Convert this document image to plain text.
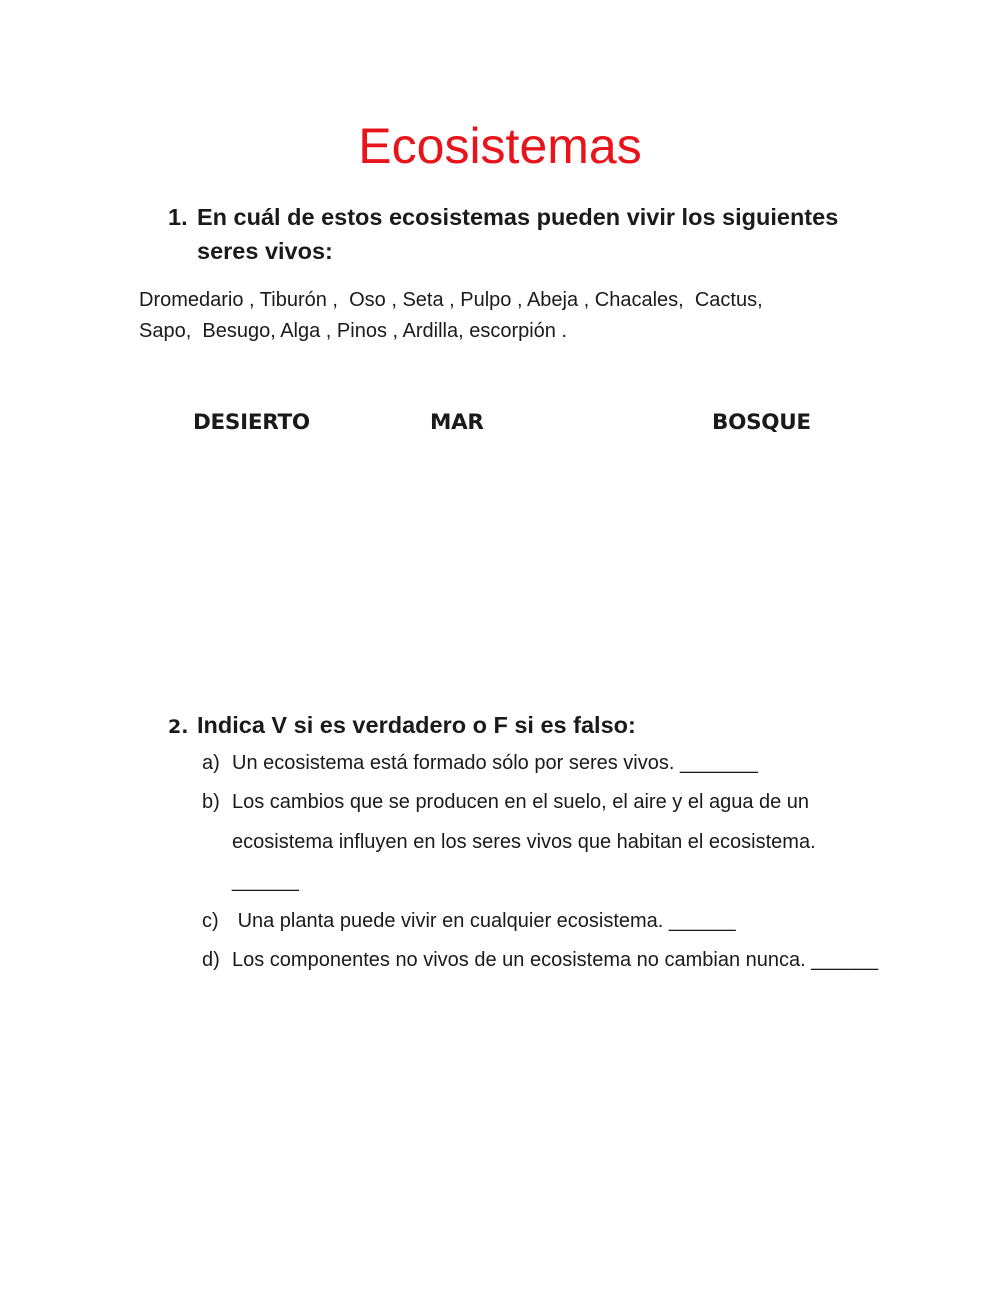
Ecosistemas
1. En cuál de estos ecosistemas pueden vivir los siguientes seres vivos:
Dromedario , Tiburón ,  Oso , Seta , Pulpo , Abeja , Chacales,  Cactus,
Sapo,  Besugo, Alga , Pinos , Ardilla, escorpión .
DESIERTO	MAR	BOSQUE
2. Indica V si es verdadero o F si es falso:
a) Un ecosistema está formado sólo por seres vivos. _______
b) Los cambios que se producen en el suelo, el aire y el agua de un ecosistema influyen en los seres vivos que habitan el ecosistema. ______
c) Una planta puede vivir en cualquier ecosistema. ______
d) Los componentes no vivos de un ecosistema no cambian nunca. ______
